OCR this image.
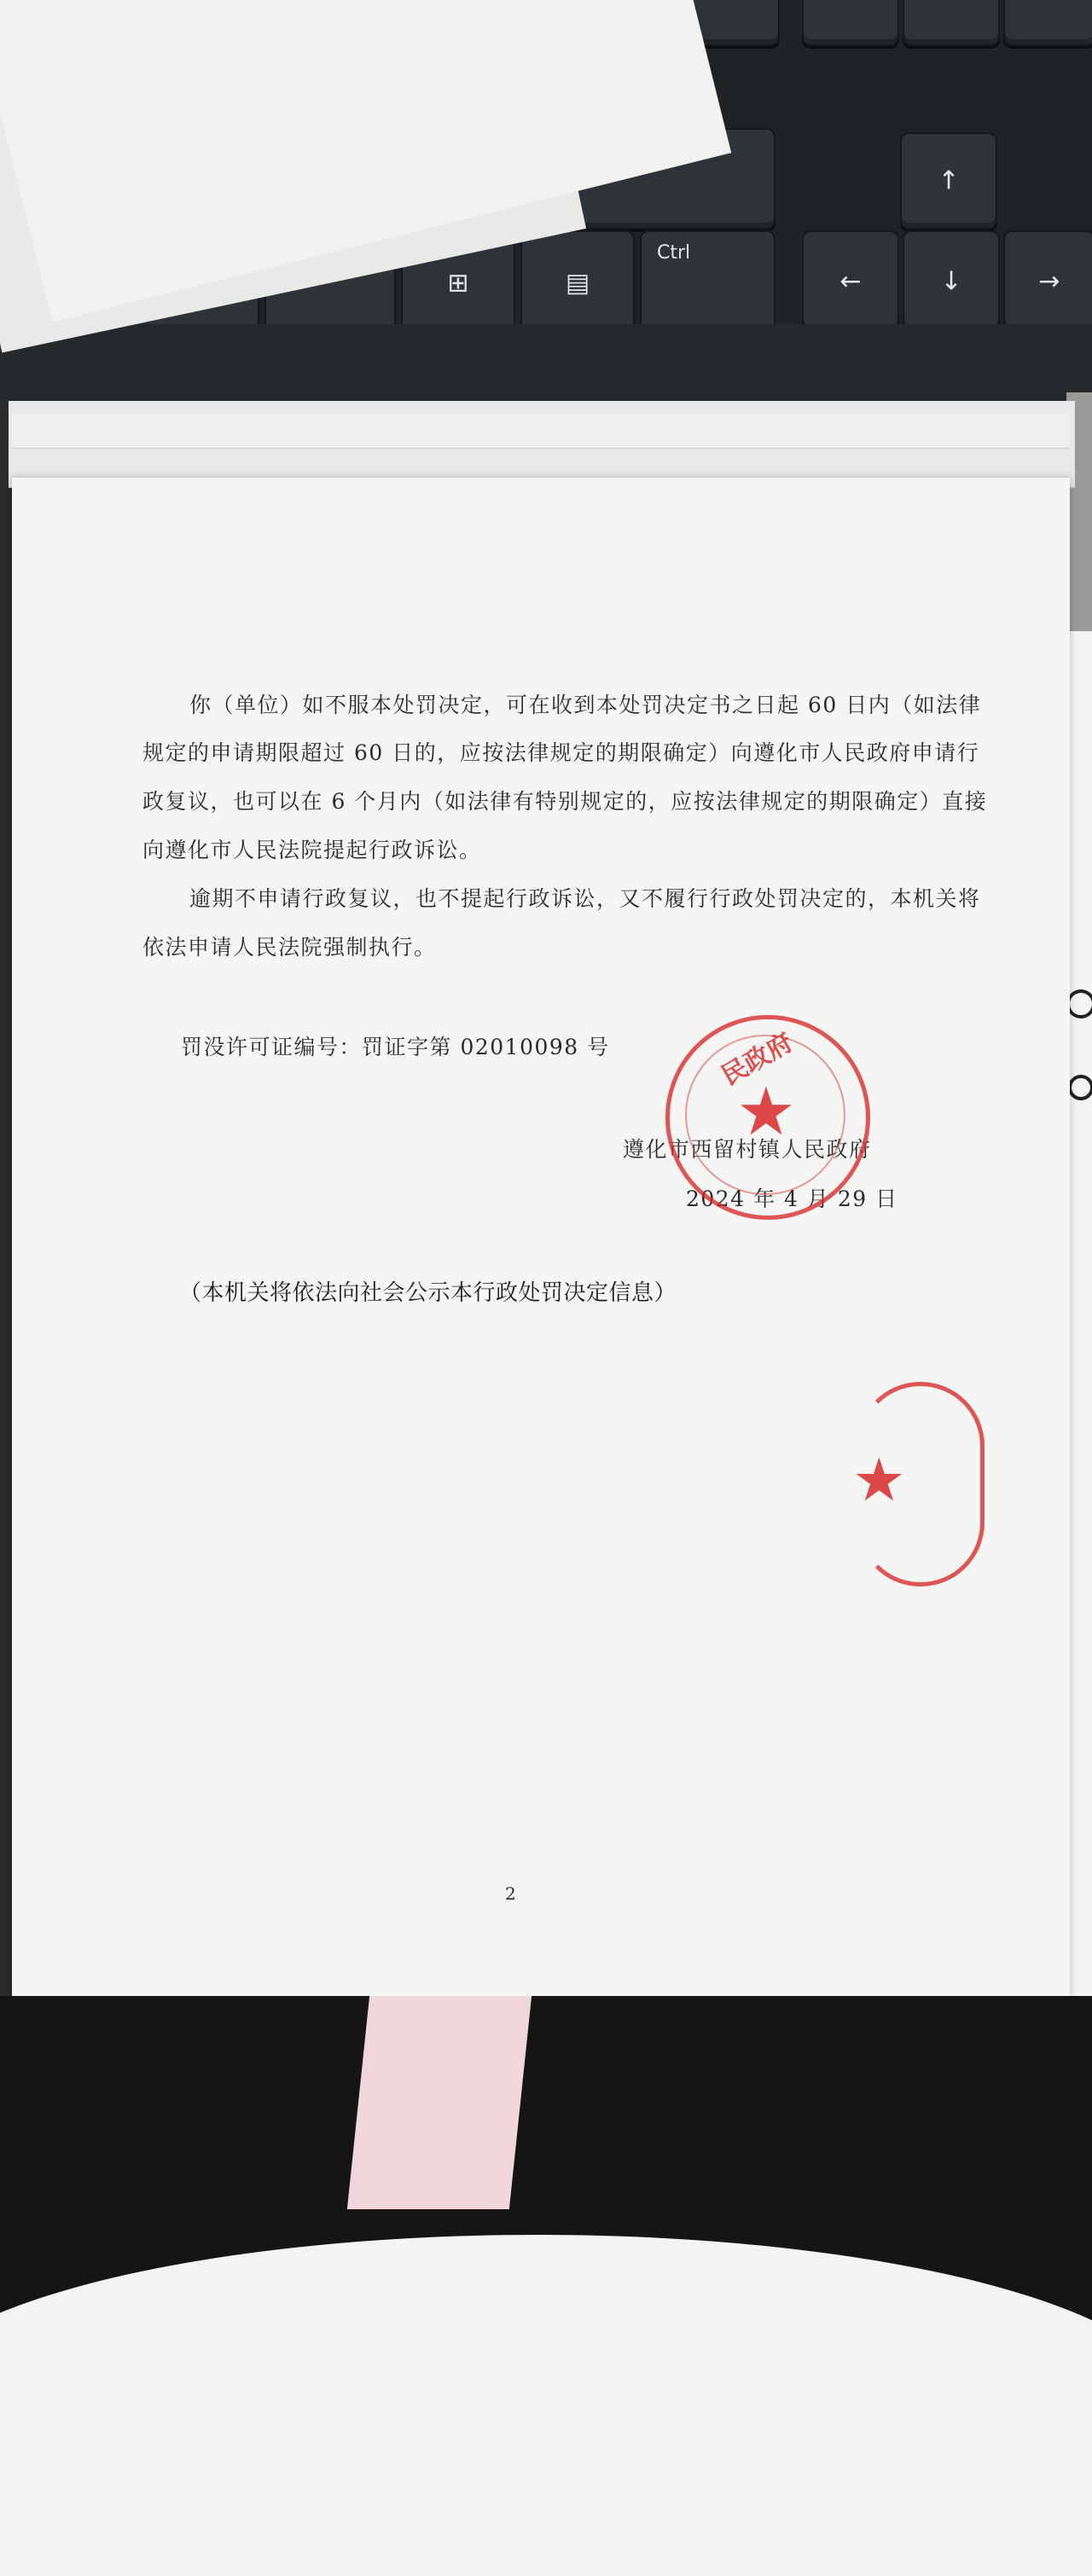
⊞	▤
Ctrl
↑
←	↓	→
你（单位）如不服本处罚决定，可在收到本处罚决定书之日起 60 日内（如法律
规定的申请期限超过 60 日的，应按法律规定的期限确定）向遵化市人民政府申请行
政复议，也可以在 6 个月内（如法律有特别规定的，应按法律规定的期限确定）直接
向遵化市人民法院提起行政诉讼。
逾期不申请行政复议，也不提起行政诉讼，又不履行行政处罚决定的，本机关将
依法申请人民法院强制执行。
罚没许可证编号：罚证字第 02010098 号
遵化市西留村镇人民政府
2024 年 4 月 29 日
（本机关将依法向社会公示本行政处罚决定信息）
2
★
民政府
★
